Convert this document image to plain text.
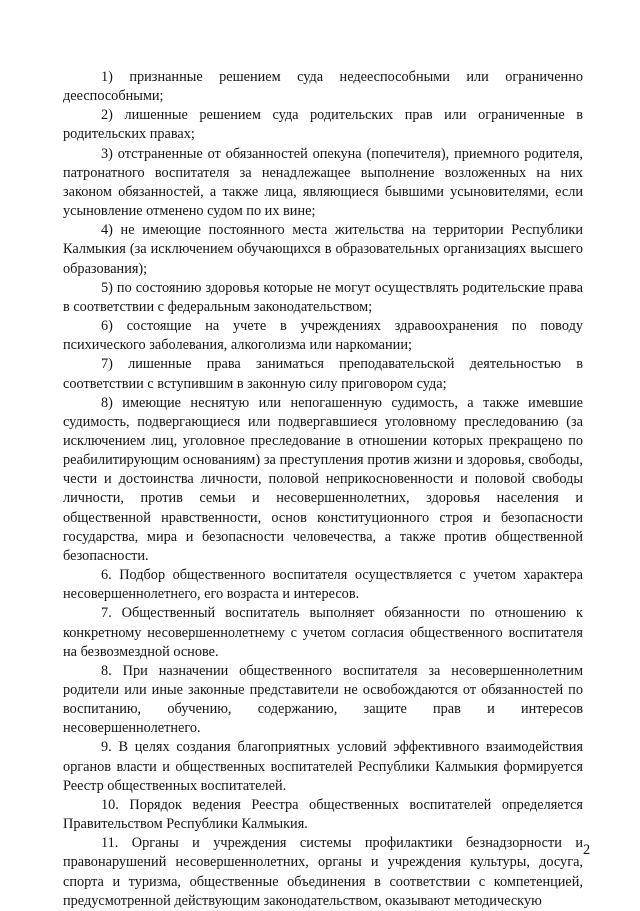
1) признанные решением суда недееспособными или ограниченно дееспособными;

2) лишенные решением суда родительских прав или ограниченные в родительских правах;

3) отстраненные от обязанностей опекуна (попечителя), приемного родителя, патронатного воспитателя за ненадлежащее выполнение возложенных на них законом обязанностей, а также лица, являющиеся бывшими усыновителями, если усыновление отменено судом по их вине;

4) не имеющие постоянного места жительства на территории Республики Калмыкия (за исключением обучающихся в образовательных организациях высшего образования);

5) по состоянию здоровья которые не могут осуществлять родительские права в соответствии с федеральным законодательством;

6) состоящие на учете в учреждениях здравоохранения по поводу психического заболевания, алкоголизма или наркомании;

7) лишенные права заниматься преподавательской деятельностью в соответствии с вступившим в законную силу приговором суда;

8) имеющие неснятую или непогашенную судимость, а также имевшие судимость, подвергающиеся или подвергавшиеся уголовному преследованию (за исключением лиц, уголовное преследование в отношении которых прекращено по реабилитирующим основаниям) за преступления против жизни и здоровья, свободы, чести и достоинства личности, половой неприкосновенности и половой свободы личности, против семьи и несовершеннолетних, здоровья населения и общественной нравственности, основ конституционного строя и безопасности государства, мира и безопасности человечества, а также против общественной безопасности.

6. Подбор общественного воспитателя осуществляется с учетом характера несовершеннолетнего, его возраста и интересов.

7. Общественный воспитатель выполняет обязанности по отношению к конкретному несовершеннолетнему с учетом согласия общественного воспитателя на безвозмездной основе.

8. При назначении общественного воспитателя за несовершеннолетним родители или иные законные представители не освобождаются от обязанностей по воспитанию, обучению, содержанию, защите прав и интересов несовершеннолетнего.

9. В целях создания благоприятных условий эффективного взаимодействия органов власти и общественных воспитателей Республики Калмыкия формируется Реестр общественных воспитателей.

10. Порядок ведения Реестра общественных воспитателей определяется Правительством Республики Калмыкия.

11. Органы и учреждения системы профилактики безнадзорности и правонарушений несовершеннолетних, органы и учреждения культуры, досуга, спорта и туризма, общественные объединения в соответствии с компетенцией, предусмотренной действующим законодательством, оказывают методическую

2
